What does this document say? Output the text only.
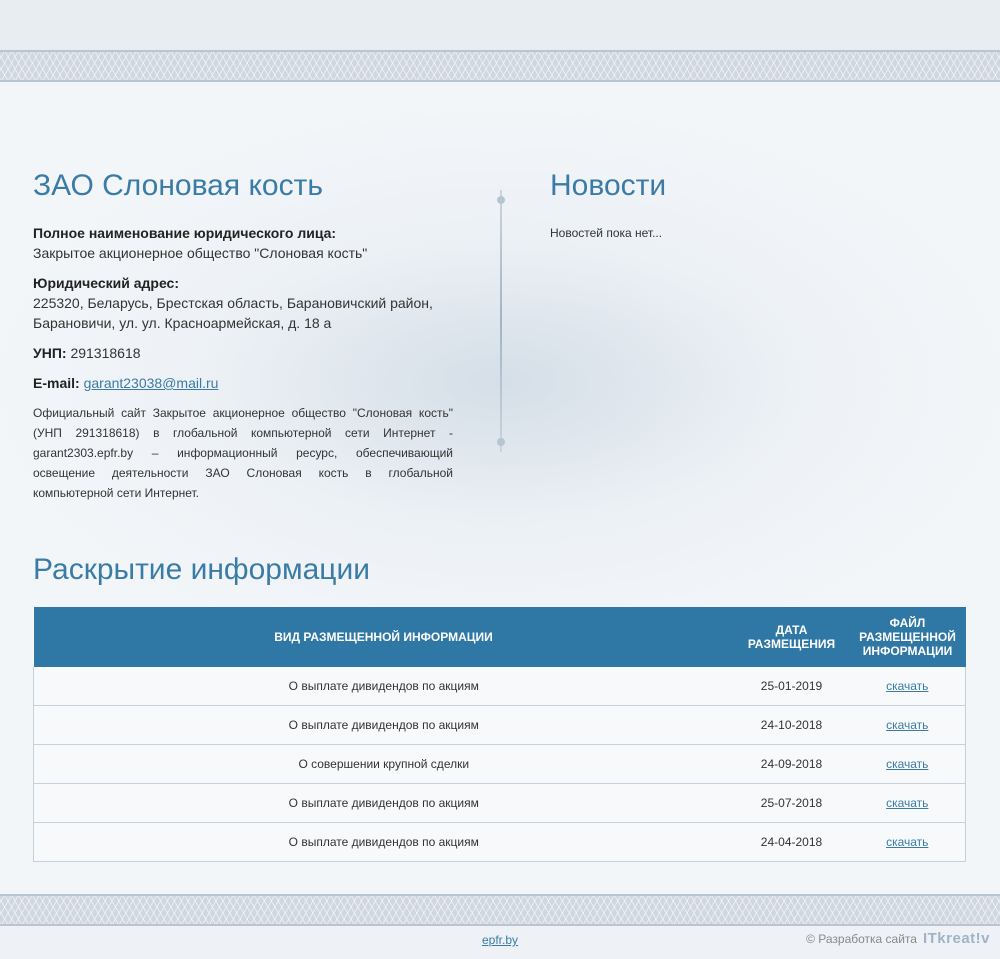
ЗАО Слоновая кость

Полное наименование юридического лица:
Закрытое акционерное общество "Слоновая кость"

Юридический адрес:
225320, Беларусь, Брестская область, Барановичский район, Барановичи, ул. ул. Красноармейская, д. 18 а

УНП: 291318618

E-mail: garant23038@mail.ru

Официальный сайт Закрытое акционерное общество "Слоновая кость" (УНП 291318618) в глобальной компьютерной сети Интернет - garant2303.epfr.by – информационный ресурс, обеспечивающий освещение деятельности ЗАО Слоновая кость в глобальной компьютерной сети Интернет.

Новости
Новостей пока нет...
Раскрытие информации
ВИД РАЗМЕЩЕННОЙ ИНФОРМАЦИИ	ДАТА РАЗМЕЩЕНИЯ	ФАЙЛ РАЗМЕЩЕННОЙ ИНФОРМАЦИИ
О выплате дивидендов по акциям	25-01-2019	скачать
О выплате дивидендов по акциям	24-10-2018	скачать
О совершении крупной сделки	24-09-2018	скачать
О выплате дивидендов по акциям	25-07-2018	скачать
О выплате дивидендов по акциям	24-04-2018	скачать
epfr.by	© Разработка сайта ITkreat!v
